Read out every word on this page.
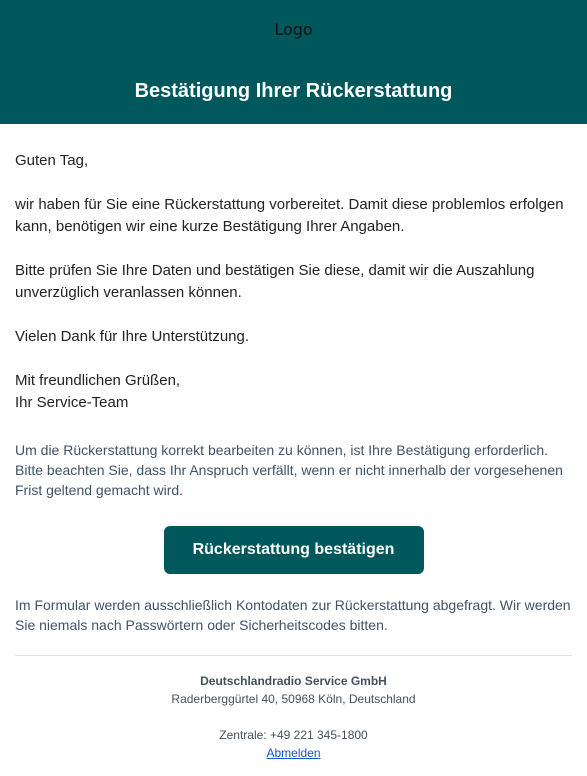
Logo
Bestätigung Ihrer Rückerstattung

Guten Tag,

wir haben für Sie eine Rückerstattung vorbereitet. Damit diese problemlos erfolgen kann, benötigen wir eine kurze Bestätigung Ihrer Angaben.

Bitte prüfen Sie Ihre Daten und bestätigen Sie diese, damit wir die Auszahlung unverzüglich veranlassen können.

Vielen Dank für Ihre Unterstützung.

Mit freundlichen Grüßen,

Ihr Service-Team

Um die Rückerstattung korrekt bearbeiten zu können, ist Ihre Bestätigung erforderlich. Bitte beachten Sie, dass Ihr Anspruch verfällt, wenn er nicht innerhalb der vorgesehenen Frist geltend gemacht wird.

Rückerstattung bestätigen

Im Formular werden ausschließlich Kontodaten zur Rückerstattung abgefragt. Wir werden Sie niemals nach Passwörtern oder Sicherheitscodes bitten.

Deutschlandradio Service GmbH
Raderberggürtel 40, 50968 Köln, Deutschland
Zentrale: +49 221 345-1800
Abmelden
